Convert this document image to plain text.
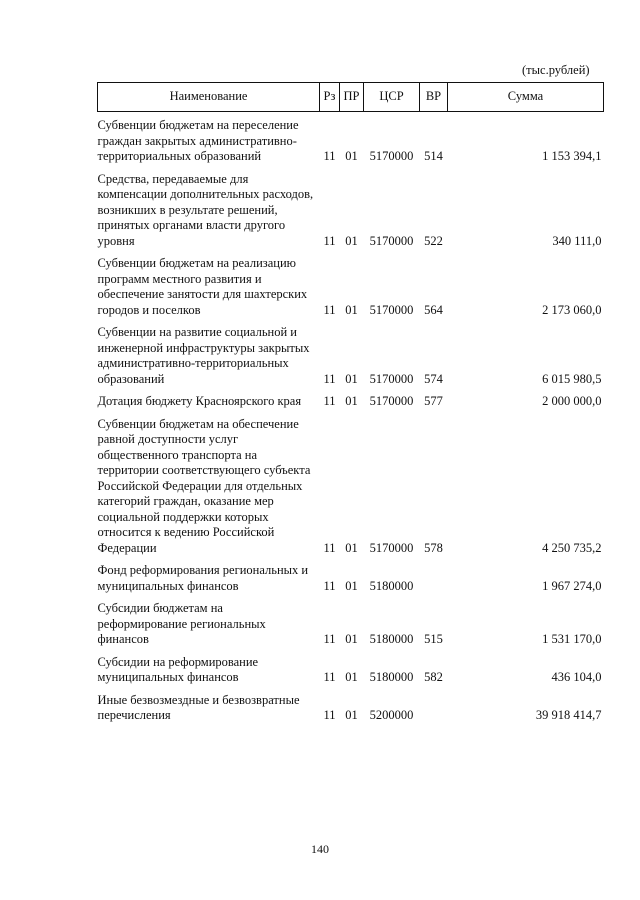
(тыс.рублей)
Наименование	Рз	ПР	ЦСР	ВР	Сумма
Субвенции бюджетам на переселение граждан закрытых административно-территориальных образований	11	01	5170000	514	1 153 394,1
Средства, передаваемые для компенсации дополнительных расходов, возникших в результате решений, принятых органами власти другого уровня	11	01	5170000	522	340 111,0
Субвенции бюджетам на реализацию программ местного развития и обеспечение занятости для шахтерских городов и поселков	11	01	5170000	564	2 173 060,0
Субвенции на развитие социальной и инженерной инфраструктуры закрытых административно-территориальных образований	11	01	5170000	574	6 015 980,5
Дотация бюджету Красноярского края	11	01	5170000	577	2 000 000,0
Субвенции бюджетам на обеспечение равной доступности услуг общественного транспорта на территории соответствующего субъекта Российской Федерации для отдельных категорий граждан, оказание мер социальной поддержки которых относится к ведению Российской Федерации	11	01	5170000	578	4 250 735,2
Фонд реформирования региональных и муниципальных финансов	11	01	5180000		1 967 274,0
Субсидии бюджетам на реформирование региональных финансов	11	01	5180000	515	1 531 170,0
Субсидии на реформирование муниципальных финансов	11	01	5180000	582	436 104,0
Иные безвозмездные и безвозвратные перечисления	11	01	5200000		39 918 414,7
140
